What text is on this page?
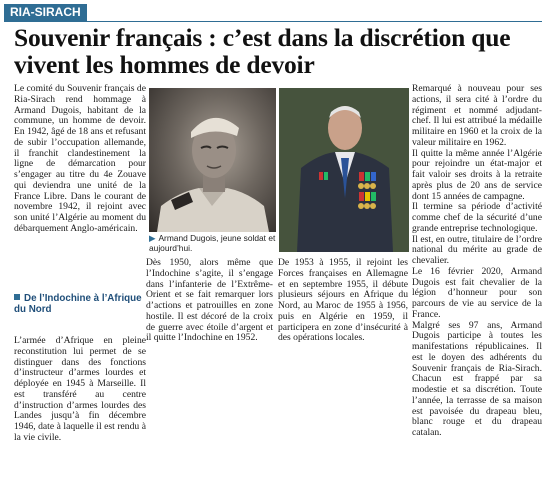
RIA-SIRACH
Souvenir français : c’est dans la discrétion que vivent les hommes de devoir

Le comité du Souvenir français de Ria-Sirach rend hommage à Armand Dugois, habitant de la commune, un homme de devoir. En 1942, âgé de 18 ans et refusant de subir l’occupation allemande, il franchit clandestinement la ligne de démarcation pour s’engager au titre du 4e Zouave qui deviendra une unité de la France Libre. Dans le courant de novembre 1942, il rejoint avec son unité l’Algérie au moment du débarquement Anglo-américain.

De l’Indochine à l’Afrique du Nord

L’armée d’Afrique en pleine reconstitution lui permet de se distinguer dans des fonctions d’instructeur d’armes lourdes et déployée en 1945 à Marseille. Il est transféré au centre d’instruction d’armes lourdes des Landes jusqu’à fin décembre 1946, date à laquelle il est rendu à la vie civile.

▶ Armand Dugois, jeune soldat et aujourd’hui.

Dès 1950, alors même que l’Indochine s’agite, il s’engage dans l’infanterie de l’Extrême-Orient et se fait remarquer lors d’actions et patrouilles en zone hostile. Il est décoré de la croix de guerre avec étoile d’argent et il quitte l’Indochine en 1952.

De 1953 à 1955, il rejoint les Forces françaises en Allemagne et en septembre 1955, il débute plusieurs séjours en Afrique du Nord, au Maroc de 1955 à 1956, puis en Algérie en 1959, il participera en zone d’insécurité à des opérations locales.

Remarqué à nouveau pour ses actions, il sera cité à l’ordre du régiment et nommé adjudant-chef. Il lui est attribué la médaille militaire en 1960 et la croix de la valeur militaire en 1962.

Il quitte la même année l’Algérie pour rejoindre un état-major et fait valoir ses droits à la retraite après plus de 20 ans de service dont 15 années de campagne.

Il termine sa période d’activité comme chef de la sécurité d’une grande entreprise technologique.

Il est, en outre, titulaire de l’ordre national du mérite au grade de chevalier.

Le 16 février 2020, Armand Dugois est fait chevalier de la légion d’honneur pour son parcours de vie au service de la France.

Malgré ses 97 ans, Armand Dugois participe à toutes les manifestations républicaines. Il est le doyen des adhérents du Souvenir français de Ria-Sirach. Chacun est frappé par sa modestie et sa discrétion. Toute l’année, la terrasse de sa maison est pavoisée du drapeau bleu, blanc rouge et du drapeau catalan.
